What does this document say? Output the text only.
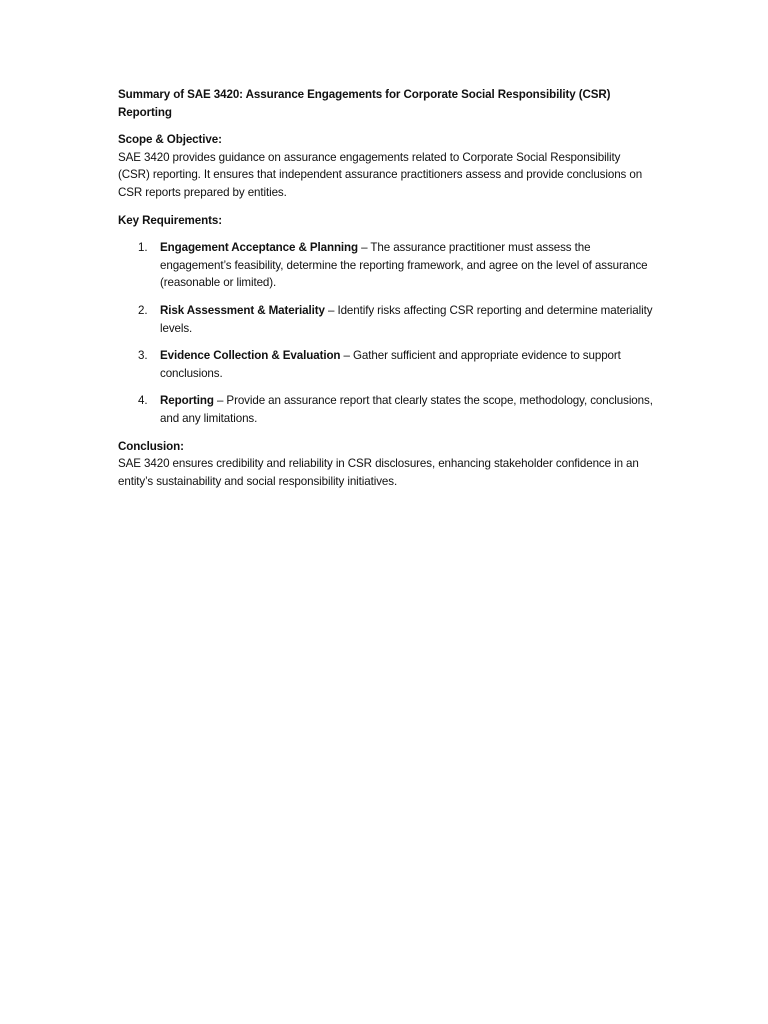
Summary of SAE 3420: Assurance Engagements for Corporate Social Responsibility (CSR) Reporting

Scope & Objective:

SAE 3420 provides guidance on assurance engagements related to Corporate Social Responsibility (CSR) reporting. It ensures that independent assurance practitioners assess and provide conclusions on CSR reports prepared by entities.

Key Requirements:

1. Engagement Acceptance & Planning – The assurance practitioner must assess the engagement’s feasibility, determine the reporting framework, and agree on the level of assurance (reasonable or limited).
2. Risk Assessment & Materiality – Identify risks affecting CSR reporting and determine materiality levels.
3. Evidence Collection & Evaluation – Gather sufficient and appropriate evidence to support conclusions.
4. Reporting – Provide an assurance report that clearly states the scope, methodology, conclusions, and any limitations.

Conclusion:

SAE 3420 ensures credibility and reliability in CSR disclosures, enhancing stakeholder confidence in an entity’s sustainability and social responsibility initiatives.
